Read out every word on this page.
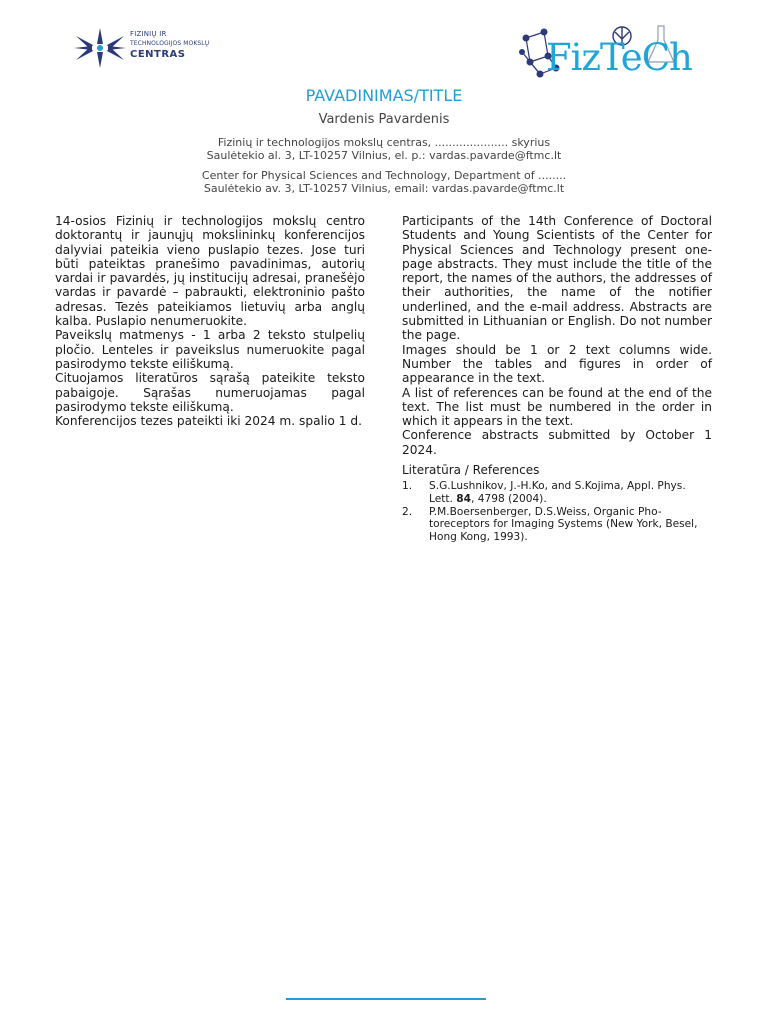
FIZINIŲ IR
TECHNOLOGIJOS MOKSLŲ
CENTRAS	FizTeCh
PAVADINIMAS/TITLE
Vardenis Pavardenis
Fizinių ir technologijos mokslų centras, ..................... skyrius
Saulėtekio al. 3, LT-10257 Vilnius, el. p.: vardas.pavarde@ftmc.lt
Center for Physical Sciences and Technology, Department of ........
Saulėtekio av. 3, LT-10257 Vilnius, email: vardas.pavarde@ftmc.lt

14-osios Fizinių ir technologijos mokslų centro doktorantų ir jaunųjų mokslininkų konferencijos dalyviai pateikia vieno puslapio tezes. Jose turi būti pateiktas pranešimo pavadinimas, autorių vardai ir pavardės, jų institucijų adresai, pranešėjo vardas ir pavardė – pabraukti, elektroninio pašto adresas. Tezės pateikiamos lietuvių arba anglų kalba. Puslapio nenumeruokite.

Paveikslų matmenys - 1 arba 2 teksto stulpelių pločio. Lenteles ir paveikslus numeruokite pagal pasirodymo tekste eiliškumą.

Cituojamos literatūros sąrašą pateikite teksto pabaigoje. Sąrašas numeruojamas pagal pasirodymo tekste eiliškumą.

Konferencijos tezes pateikti iki 2024 m. spalio 1 d.

Participants of the 14th Conference of Doctoral Students and Young Scientists of the Center for Physical Sciences and Technology present one-page abstracts. They must include the title of the report, the names of the authors, the addresses of their authorities, the name of the notifier underlined, and the e-mail address. Abstracts are submitted in Lithuanian or English. Do not number the page.

Images should be 1 or 2 text columns wide. Number the tables and figures in order of appearance in the text.

A list of references can be found at the end of the text. The list must be numbered in the order in which it appears in the text.

Conference abstracts submitted by October 1 2024.

Literatūra / References

1. S.G.Lushnikov, J.-H.Ko, and S.Kojima, Appl. Phys. Lett. 84, 4798 (2004).
2. P.M.Boersenberger, D.S.Weiss, Organic Pho-toreceptors for Imaging Systems (New York, Besel, Hong Kong, 1993).
